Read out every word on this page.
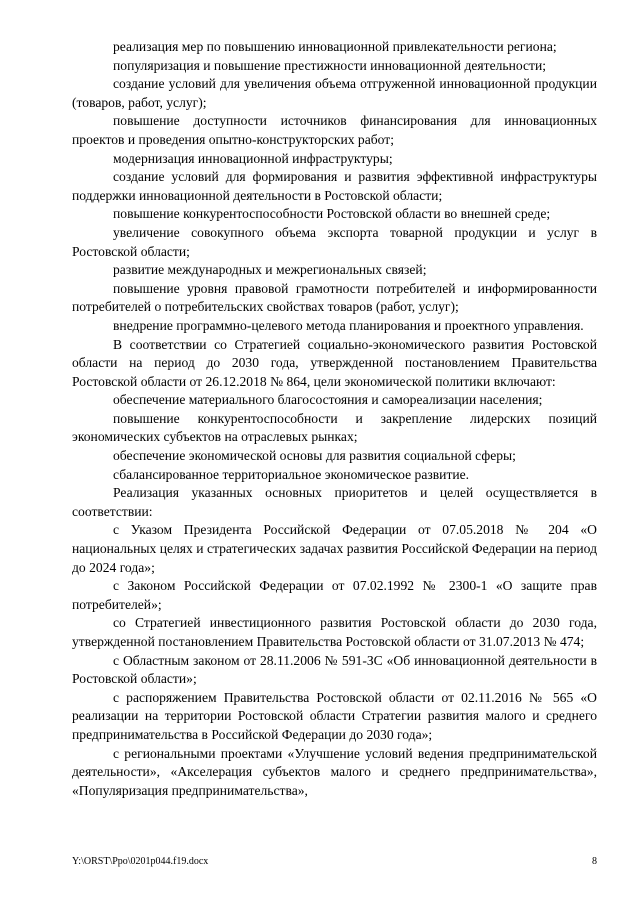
реализация мер по повышению инновационной привлекательности региона;

популяризация и повышение престижности инновационной деятельности;

создание условий для увеличения объема отгруженной инновационной продукции (товаров, работ, услуг);

повышение доступности источников финансирования для инновационных проектов и проведения опытно-конструкторских работ;

модернизация инновационной инфраструктуры;

создание условий для формирования и развития эффективной инфраструктуры поддержки инновационной деятельности в Ростовской области;

повышение конкурентоспособности Ростовской области во внешней среде;

увеличение совокупного объема экспорта товарной продукции и услуг в Ростовской области;

развитие международных и межрегиональных связей;

повышение уровня правовой грамотности потребителей и информированности потребителей о потребительских свойствах товаров (работ, услуг);

внедрение программно-целевого метода планирования и проектного управления.

В соответствии со Стратегией социально-экономического развития Ростовской области на период до 2030 года, утвержденной постановлением Правительства Ростовской области от 26.12.2018 № 864, цели экономической политики включают:

обеспечение материального благосостояния и самореализации населения;

повышение конкурентоспособности и закрепление лидерских позиций экономических субъектов на отраслевых рынках;

обеспечение экономической основы для развития социальной сферы;

сбалансированное территориальное экономическое развитие.

Реализация указанных основных приоритетов и целей осуществляется в соответствии:

с Указом Президента Российской Федерации от 07.05.2018 № 204 «О национальных целях и стратегических задачах развития Российской Федерации на период до 2024 года»;

с Законом Российской Федерации от 07.02.1992 № 2300-1 «О защите прав потребителей»;

со Стратегией инвестиционного развития Ростовской области до 2030 года, утвержденной постановлением Правительства Ростовской области от 31.07.2013 № 474;

с Областным законом от 28.11.2006 № 591-ЗС «Об инновационной деятельности в Ростовской области»;

с распоряжением Правительства Ростовской области от 02.11.2016 № 565 «О реализации на территории Ростовской области Стратегии развития малого и среднего предпринимательства в Российской Федерации до 2030 года»;

с региональными проектами «Улучшение условий ведения предпринимательской деятельности», «Акселерация субъектов малого и среднего предпринимательства», «Популяризация предпринимательства»,

Y:\ORST\Ppo\0201p044.f19.docx	8
